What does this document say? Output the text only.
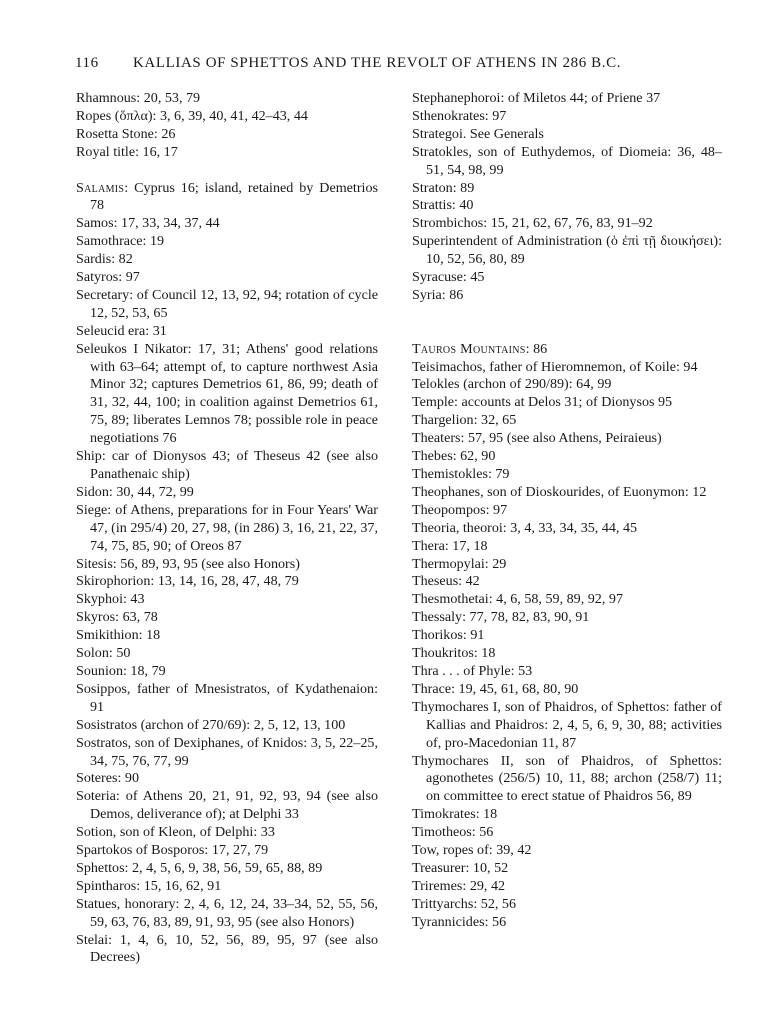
116 KALLIAS OF SPHETTOS AND THE REVOLT OF ATHENS IN 286 B.C.

Rhamnous: 20, 53, 79

Ropes (ὅπλα): 3, 6, 39, 40, 41, 42–43, 44

Rosetta Stone: 26

Royal title: 16, 17

Salamis: Cyprus 16; island, retained by Demetrios 78

Samos: 17, 33, 34, 37, 44

Samothrace: 19

Sardis: 82

Satyros: 97

Secretary: of Council 12, 13, 92, 94; rotation of cycle 12, 52, 53, 65

Seleucid era: 31

Seleukos I Nikator: 17, 31; Athens' good relations with 63–64; attempt of, to capture northwest Asia Minor 32; captures Demetrios 61, 86, 99; death of 31, 32, 44, 100; in coalition against Demetrios 61, 75, 89; liberates Lemnos 78; possible role in peace negotiations 76

Ship: car of Dionysos 43; of Theseus 42 (see also Panathenaic ship)

Sidon: 30, 44, 72, 99

Siege: of Athens, preparations for in Four Years' War 47, (in 295/4) 20, 27, 98, (in 286) 3, 16, 21, 22, 37, 74, 75, 85, 90; of Oreos 87

Sitesis: 56, 89, 93, 95 (see also Honors)

Skirophorion: 13, 14, 16, 28, 47, 48, 79

Skyphoi: 43

Skyros: 63, 78

Smikithion: 18

Solon: 50

Sounion: 18, 79

Sosippos, father of Mnesistratos, of Kydathenaion: 91

Sosistratos (archon of 270/69): 2, 5, 12, 13, 100

Sostratos, son of Dexiphanes, of Knidos: 3, 5, 22–25, 34, 75, 76, 77, 99

Soteres: 90

Soteria: of Athens 20, 21, 91, 92, 93, 94 (see also Demos, deliverance of); at Delphi 33

Sotion, son of Kleon, of Delphi: 33

Spartokos of Bosporos: 17, 27, 79

Sphettos: 2, 4, 5, 6, 9, 38, 56, 59, 65, 88, 89

Spintharos: 15, 16, 62, 91

Statues, honorary: 2, 4, 6, 12, 24, 33–34, 52, 55, 56, 59, 63, 76, 83, 89, 91, 93, 95 (see also Honors)

Stelai: 1, 4, 6, 10, 52, 56, 89, 95, 97 (see also Decrees)

Stephanephoroi: of Miletos 44; of Priene 37

Sthenokrates: 97

Strategoi. See Generals

Stratokles, son of Euthydemos, of Diomeia: 36, 48–51, 54, 98, 99

Straton: 89

Strattis: 40

Strombichos: 15, 21, 62, 67, 76, 83, 91–92

Superintendent of Administration (ὁ ἐπὶ τῇ διοικήσει): 10, 52, 56, 80, 89

Syracuse: 45

Syria: 86

Tauros Mountains: 86

Teisimachos, father of Hieromnemon, of Koile: 94

Telokles (archon of 290/89): 64, 99

Temple: accounts at Delos 31; of Dionysos 95

Thargelion: 32, 65

Theaters: 57, 95 (see also Athens, Peiraieus)

Thebes: 62, 90

Themistokles: 79

Theophanes, son of Dioskourides, of Euonymon: 12

Theopompos: 97

Theoria, theoroi: 3, 4, 33, 34, 35, 44, 45

Thera: 17, 18

Thermopylai: 29

Theseus: 42

Thesmothetai: 4, 6, 58, 59, 89, 92, 97

Thessaly: 77, 78, 82, 83, 90, 91

Thorikos: 91

Thoukritos: 18

Thra . . . of Phyle: 53

Thrace: 19, 45, 61, 68, 80, 90

Thymochares I, son of Phaidros, of Sphettos: father of Kallias and Phaidros: 2, 4, 5, 6, 9, 30, 88; activities of, pro-Macedonian 11, 87

Thymochares II, son of Phaidros, of Sphettos: agonothetes (256/5) 10, 11, 88; archon (258/7) 11; on committee to erect statue of Phaidros 56, 89

Timokrates: 18

Timotheos: 56

Tow, ropes of: 39, 42

Treasurer: 10, 52

Triremes: 29, 42

Trittyarchs: 52, 56

Tyrannicides: 56
